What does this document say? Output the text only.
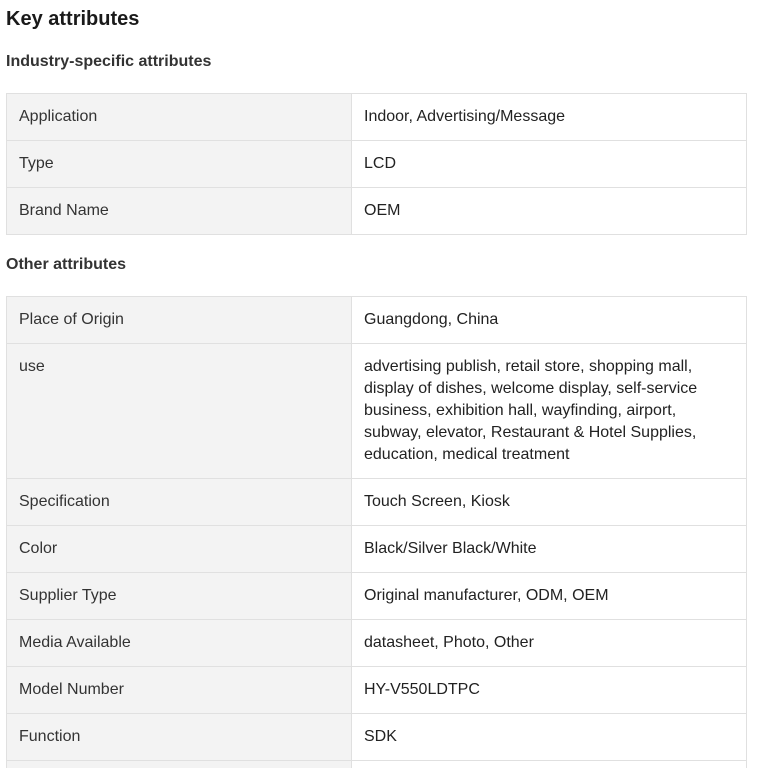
Key attributes
Industry-specific attributes
Application	Indoor, Advertising/Message
Type	LCD
Brand Name	OEM
Other attributes
Place of Origin	Guangdong, China
use	advertising publish, retail store, shopping mall, display of dishes, welcome display, self-service business, exhibition hall, wayfinding, airport, subway, elevator, Restaurant & Hotel Supplies, education, medical treatment
Specification	Touch Screen, Kiosk
Color	Black/Silver Black/White
Supplier Type	Original manufacturer, ODM, OEM
Media Available	datasheet, Photo, Other
Model Number	HY-V550LDTPC
Function	SDK
